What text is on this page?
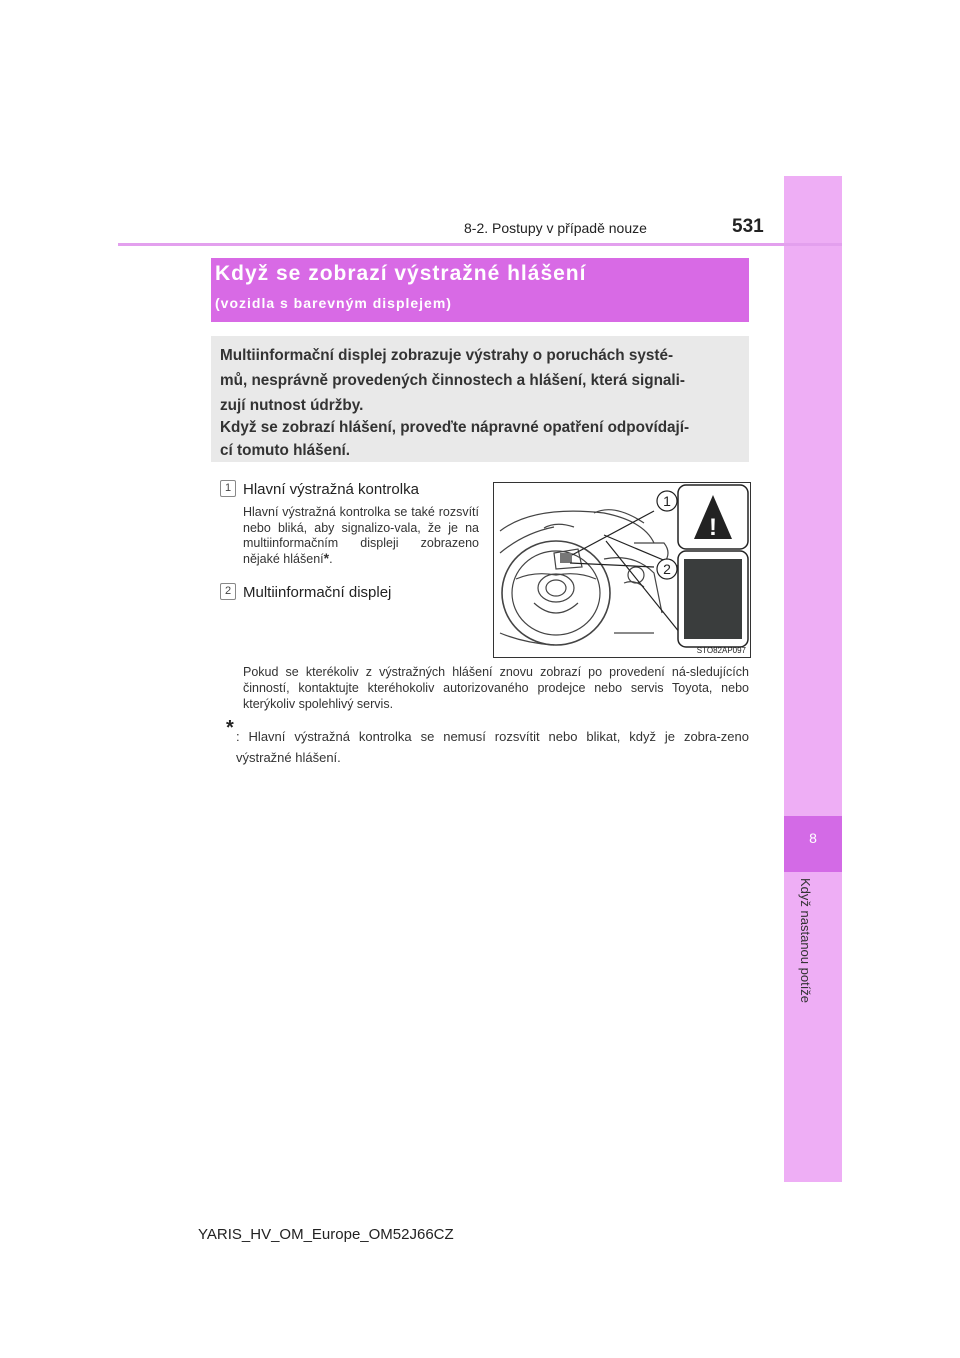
8
Když nastanou potíže
8-2. Postupy v případě nouze	531
Když se zobrazí výstražné hlášení
(vozidla s barevným displejem)

Multiinformační displej zobrazuje výstrahy o poruchách systé-

mů, nesprávně provedených činnostech a hlášení, která signali-

zují nutnost údržby.

Když se zobrazí hlášení, proveďte nápravné opatření odpovídají-

cí tomuto hlášení.

1 Hlavní výstražná kontrolka
Hlavní výstražná kontrolka se také rozsvítí nebo bliká, aby signalizo-vala, že je na multiinformačním displeji zobrazeno nějaké hlášení*.
2 Multiinformační displej
1
2
!
STO82AP097
Pokud se kterékoliv z výstražných hlášení znovu zobrazí po provedení ná-sledujících činností, kontaktujte kteréhokoliv autorizovaného prodejce nebo servis Toyota, nebo kterýkoliv spolehlivý servis.
* : Hlavní výstražná kontrolka se nemusí rozsvítit nebo blikat, když je zobra-zeno výstražné hlášení.
YARIS_HV_OM_Europe_OM52J66CZ
